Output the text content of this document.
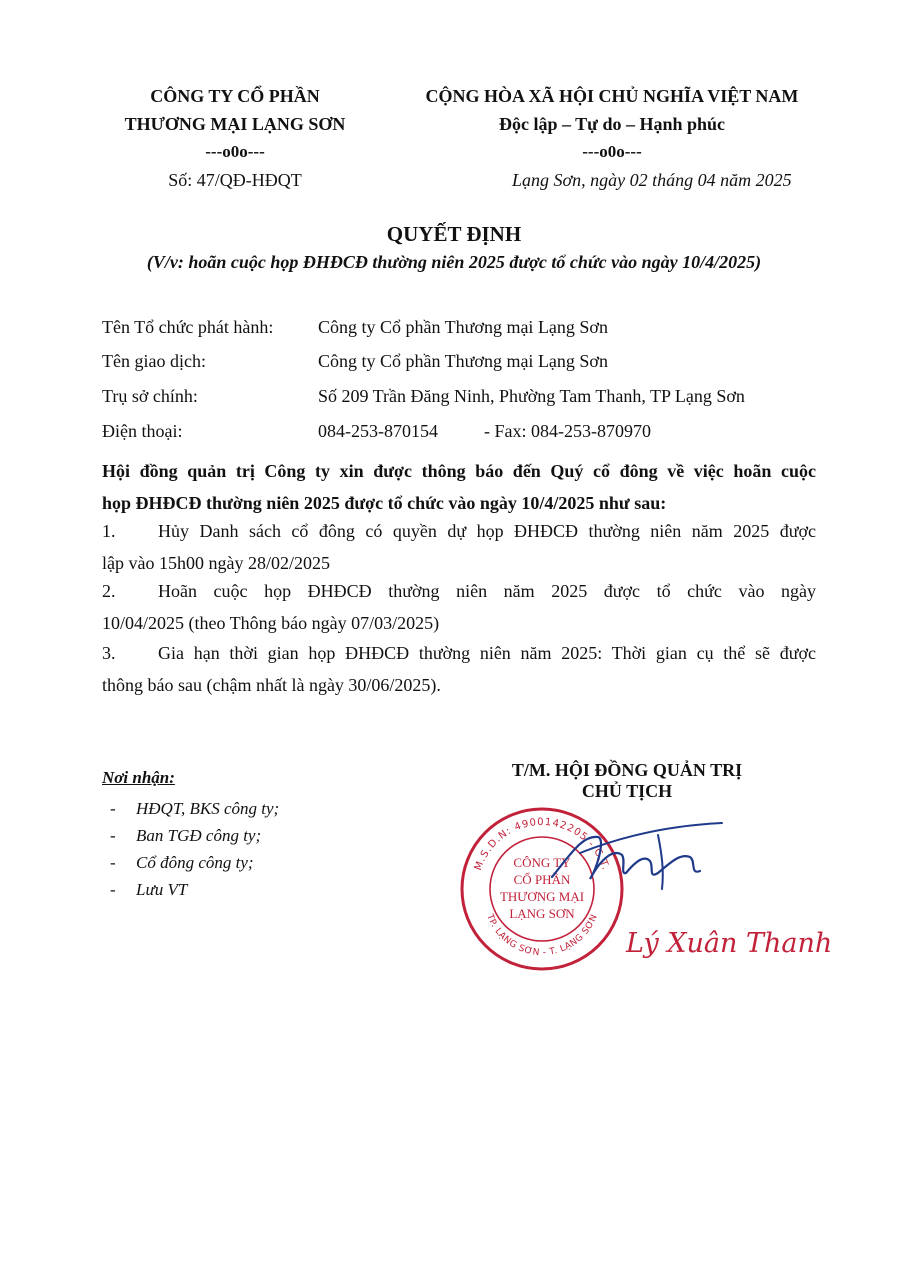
CÔNG TY CỔ PHẦN
THƯƠNG MẠI LẠNG SƠN
---o0o---
Số: 47/QĐ-HĐQT
CỘNG HÒA XÃ HỘI CHỦ NGHĨA VIỆT NAM
Độc lập – Tự do – Hạnh phúc
---o0o---
Lạng Sơn, ngày 02 tháng 04 năm 2025
QUYẾT ĐỊNH
(V/v: hoãn cuộc họp ĐHĐCĐ thường niên 2025 được tổ chức vào ngày 10/4/2025)
Tên Tổ chức phát hành: Công ty Cổ phần Thương mại Lạng Sơn
Tên giao dịch:	Công ty Cổ phần Thương mại Lạng Sơn
Trụ sở chính:	Số 209 Trần Đăng Ninh, Phường Tam Thanh, TP Lạng Sơn
Điện thoại:	084-253-870154	- Fax: 084-253-870970
Hội đồng quản trị Công ty xin được thông báo đến Quý cổ đông về việc hoãn cuộc
họp ĐHĐCĐ thường niên 2025 được tổ chức vào ngày 10/4/2025 như sau:
1. Hủy Danh sách cổ đông có quyền dự họp ĐHĐCĐ thường niên năm 2025 được
lập vào 15h00 ngày 28/02/2025
2. Hoãn cuộc họp ĐHĐCĐ thường niên năm 2025 được tổ chức vào ngày
10/04/2025 (theo Thông báo ngày 07/03/2025)
3. Gia hạn thời gian họp ĐHĐCĐ thường niên năm 2025: Thời gian cụ thể sẽ được
thông báo sau (chậm nhất là ngày 30/06/2025).
Nơi nhận:
- HĐQT, BKS công ty;
- Ban TGĐ công ty;
- Cổ đông công ty;
- Lưu VT
T/M. HỘI ĐỒNG QUẢN TRỊ
CHỦ TỊCH
M.S.D.N: 4900142205 - C.T.
TP. LẠNG SƠN - T. LẠNG SƠN
CÔNG TY
CỔ PHẦN
THƯƠNG MẠI
LẠNG SƠN
Lý Xuân Thanh
